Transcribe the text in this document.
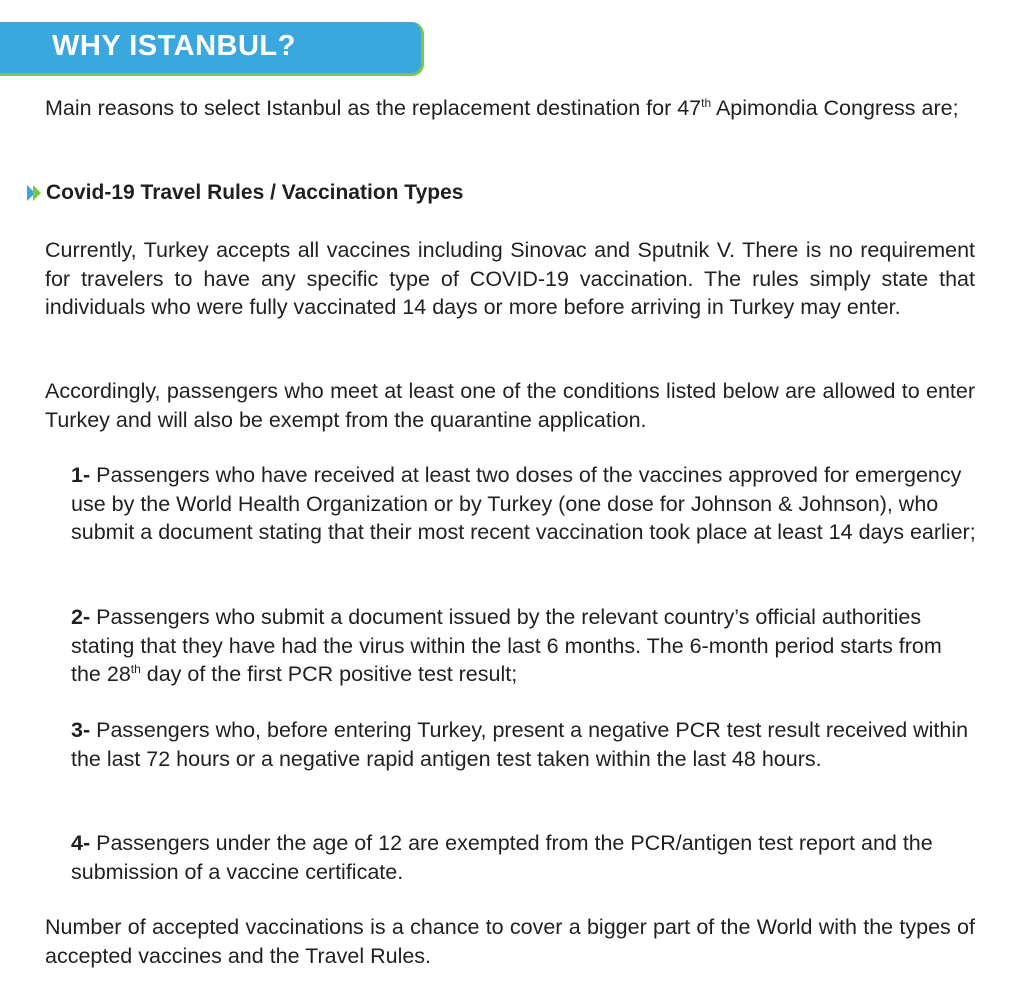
WHY ISTANBUL?

Main reasons to select Istanbul as the replacement destination for 47th Apimondia Congress are;

Covid-19 Travel Rules / Vaccination Types

Currently, Turkey accepts all vaccines including Sinovac and Sputnik V. There is no requirement for travelers to have any specific type of COVID-19 vaccination. The rules simply state that individuals who were fully vaccinated 14 days or more before arriving in Turkey may enter.

Accordingly, passengers who meet at least one of the conditions listed below are allowed to enter Turkey and will also be exempt from the quarantine application.

1- Passengers who have received at least two doses of the vaccines approved for emergency use by the World Health Organization or by Turkey (one dose for Johnson & Johnson), who submit a document stating that their most recent vaccination took place at least 14 days earlier;

2- Passengers who submit a document issued by the relevant country’s official authorities stating that they have had the virus within the last 6 months. The 6-month period starts from the 28th day of the first PCR positive test result;

3- Passengers who, before entering Turkey, present a negative PCR test result received within the last 72 hours or a negative rapid antigen test taken within the last 48 hours.

4- Passengers under the age of 12 are exempted from the PCR/antigen test report and the submission of a vaccine certificate.

Number of accepted vaccinations is a chance to cover a bigger part of the World with the types of accepted vaccines and the Travel Rules.
